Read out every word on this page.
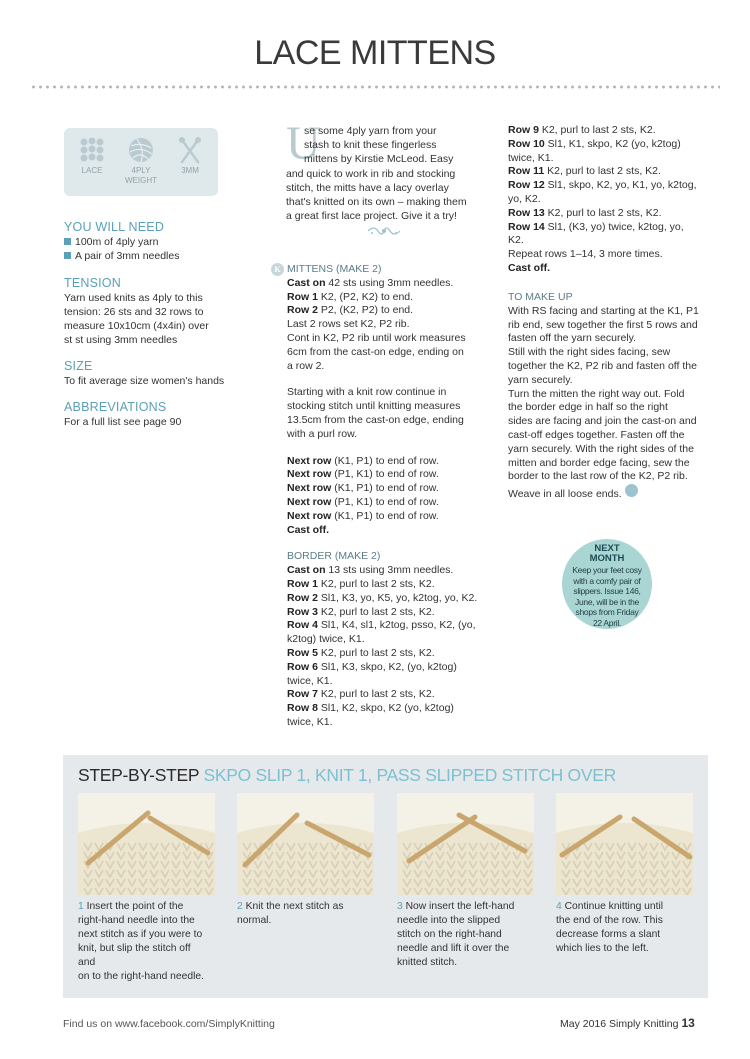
LACE MITTENS
LACE	4PLY WEIGHT
3MM
YOU WILL NEED
100m of 4ply yarn
A pair of 3mm needles
TENSION
Yarn used knits as 4ply to this
tension: 26 sts and 32 rows to
measure 10x10cm (4x4in) over
st st using 3mm needles
SIZE
To fit average size women's hands
ABBREVIATIONS
For a full list see page 90
U
se some 4ply yarn from your
stash to knit these fingerless
mittens by Kirstie McLeod. Easy
and quick to work in rib and stocking
stitch, the mitts have a lacy overlay
that's knitted on its own – making them
a great first lace project. Give it a try!
K MITTENS (MAKE 2)
Cast on 42 sts using 3mm needles.
Row 1 K2, (P2, K2) to end.
Row 2 P2, (K2, P2) to end.
Last 2 rows set K2, P2 rib.
Cont in K2, P2 rib until work measures
6cm from the cast-on edge, ending on
a row 2.
Starting with a knit row continue in
stocking stitch until knitting measures
13.5cm from the cast-on edge, ending
with a purl row.
Next row (K1, P1) to end of row.
Next row (P1, K1) to end of row.
Next row (K1, P1) to end of row.
Next row (P1, K1) to end of row.
Next row (K1, P1) to end of row.
Cast off.
BORDER (MAKE 2)
Cast on 13 sts using 3mm needles.
Row 1 K2, purl to last 2 sts, K2.
Row 2 Sl1, K3, yo, K5, yo, k2tog, yo, K2.
Row 3 K2, purl to last 2 sts, K2.
Row 4 Sl1, K4, sl1, k2tog, psso, K2, (yo,
k2tog) twice, K1.
Row 5 K2, purl to last 2 sts, K2.
Row 6 Sl1, K3, skpo, K2, (yo, k2tog)
twice, K1.
Row 7 K2, purl to last 2 sts, K2.
Row 8 Sl1, K2, skpo, K2 (yo, k2tog)
twice, K1.
Row 9 K2, purl to last 2 sts, K2.
Row 10 Sl1, K1, skpo, K2 (yo, k2tog)
twice, K1.
Row 11 K2, purl to last 2 sts, K2.
Row 12 Sl1, skpo, K2, yo, K1, yo, k2tog,
yo, K2.
Row 13 K2, purl to last 2 sts, K2.
Row 14 Sl1, (K3, yo) twice, k2tog, yo,
K2.
Repeat rows 1–14, 3 more times.
Cast off.
TO MAKE UP
With RS facing and starting at the K1, P1
rib end, sew together the first 5 rows and
fasten off the yarn securely.
Still with the right sides facing, sew
together the K2, P2 rib and fasten off the
yarn securely.
Turn the mitten the right way out. Fold
the border edge in half so the right
sides are facing and join the cast-on and
cast-off edges together. Fasten off the
yarn securely. With the right sides of the
mitten and border edge facing, sew the
border to the last row of the K2, P2 rib.
Weave in all loose ends.
NEXT
MONTH
Keep your feet cosy
with a comfy pair of
slippers. Issue 146,
June, will be in the
shops from Friday
22 April.
STEP-BY-STEP SKPO SLIP 1, KNIT 1, PASS SLIPPED STITCH OVER
1 Insert the point of the
right-hand needle into the
next stitch as if you were to
knit, but slip the stitch off and
on to the right-hand needle.
2 Knit the next stitch as
normal.
3 Now insert the left-hand
needle into the slipped
stitch on the right-hand
needle and lift it over the
knitted stitch.
4 Continue knitting until
the end of the row. This
decrease forms a slant
which lies to the left.
Find us on www.facebook.com/SimplyKnitting	May 2016 Simply Knitting 13
